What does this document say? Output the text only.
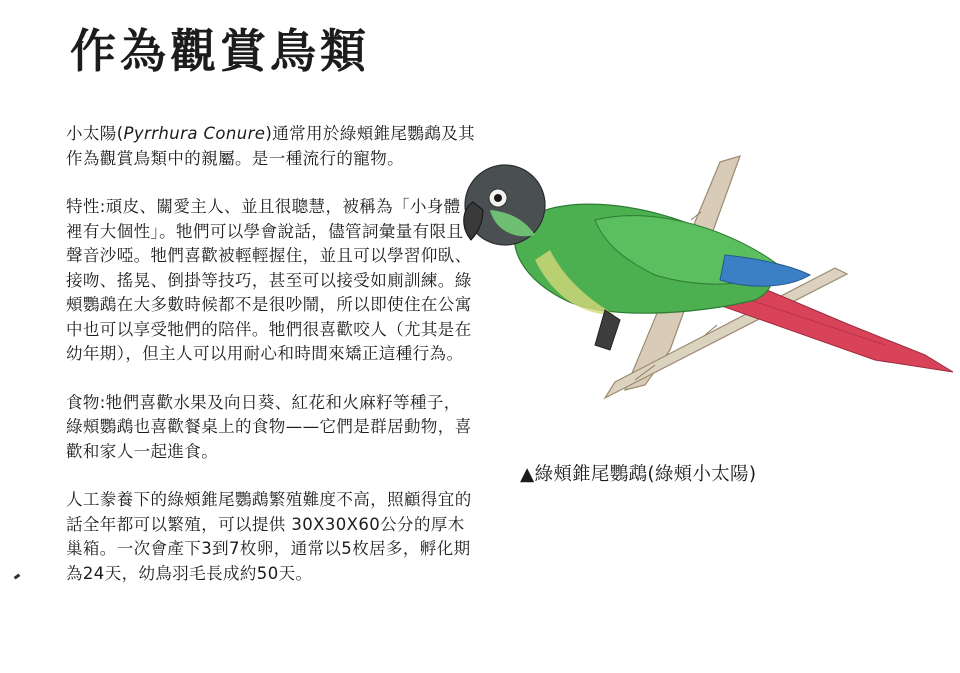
作為觀賞鳥類

小太陽(Pyrrhura Conure)通常用於綠頰錐尾鸚鵡及其作為觀賞鳥類中的親屬。是一種流行的寵物。

特性:頑皮、關愛主人、並且很聰慧，被稱為「小身體裡有大個性」。牠們可以學會說話，儘管詞彙量有限且聲音沙啞。牠們喜歡被輕輕握住，並且可以學習仰臥、接吻、搖晃、倒掛等技巧，甚至可以接受如廁訓練。綠頰鸚鵡在大多數時候都不是很吵鬧，所以即使住在公寓中也可以享受牠們的陪伴。牠們很喜歡咬人（尤其是在幼年期），但主人可以用耐心和時間來矯正這種行為。

食物:牠們喜歡水果及向日葵、紅花和火麻籽等種子，綠頰鸚鵡也喜歡餐桌上的食物——它們是群居動物，喜歡和家人一起進食。

人工豢養下的綠頰錐尾鸚鵡繁殖難度不高，照顧得宜的話全年都可以繁殖，可以提供 30X30X60公分的厚木巢箱。一次會產下3到7枚卵，通常以5枚居多，孵化期為24天，幼鳥羽毛長成約50天。

▲綠頰錐尾鸚鵡(綠頰小太陽)
